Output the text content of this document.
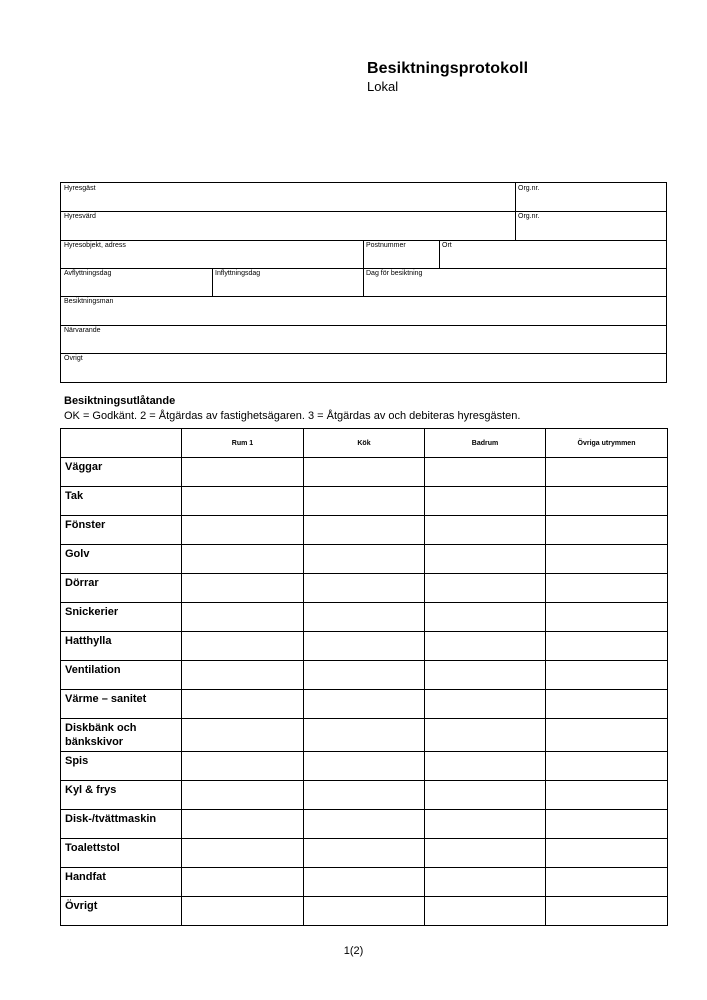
Besiktningsprotokoll
Lokal
Hyresgäst	Org.nr.
Hyresvärd	Org.nr.
Hyresobjekt, adress	Postnummer	Ort
Avflyttningsdag	Inflyttningsdag	Dag för besiktning
Besiktningsman
Närvarande
Övrigt
Besiktningsutlåtande
OK = Godkänt. 2 = Åtgärdas av fastighetsägaren. 3 = Åtgärdas av och debiteras hyresgästen.
	Rum 1	Kök	Badrum	Övriga utrymmen
Väggar				
Tak				
Fönster				
Golv				
Dörrar				
Snickerier				
Hatthylla				
Ventilation				
Värme – sanitet				
Diskbänk och bänkskivor				
Spis				
Kyl & frys				
Disk-/tvättmaskin				
Toalettstol				
Handfat				
Övrigt				
1(2)
